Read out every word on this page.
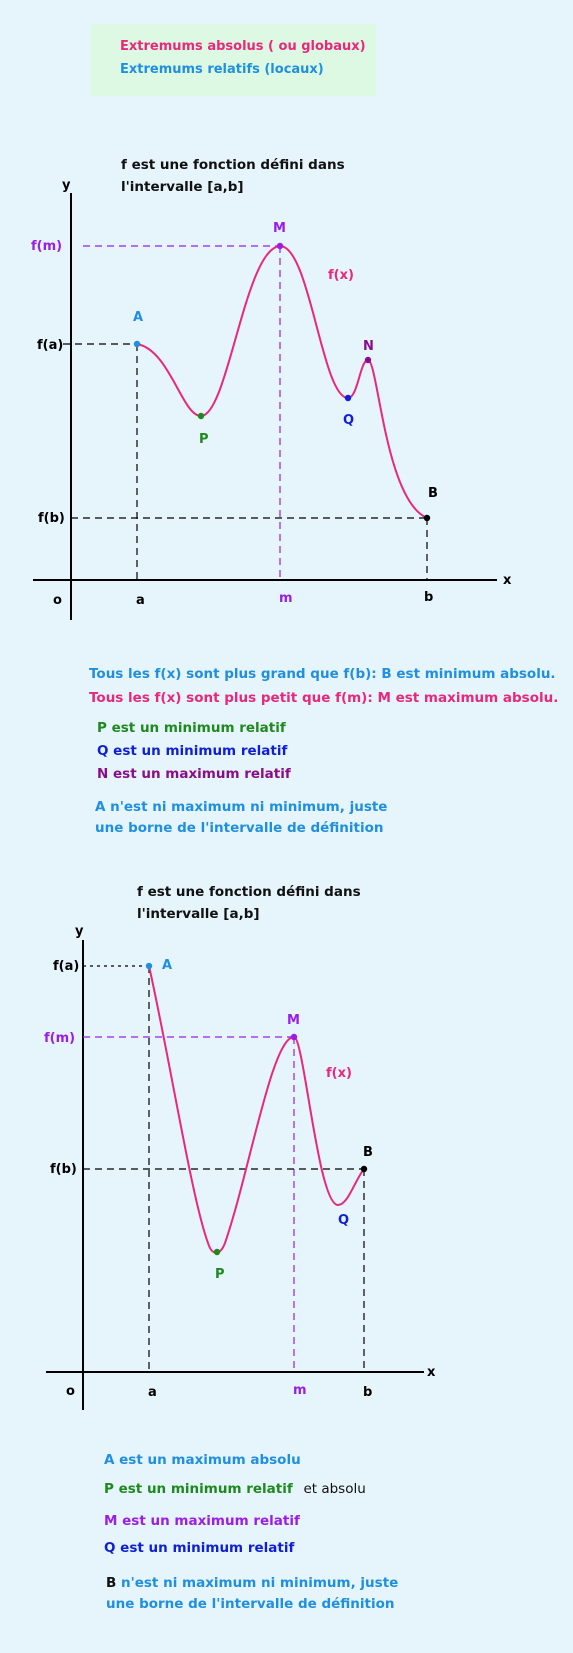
Extremums absolus ( ou globaux)
Extremums relatifs (locaux)
f est une fonction défini dans
l'intervalle [a,b]
y
x
o	a	m	b
f(m)
f(a)
f(b)
f(x)
A
M
N
P
Q
B
Tous les f(x) sont plus grand que f(b): B est minimum absolu.
Tous les f(x) sont plus petit que f(m): M est maximum absolu.
P est un minimum relatif
Q est un minimum relatif
N est un maximum relatif
A n'est ni maximum ni minimum, juste
une borne de l'intervalle de définition
f est une fonction défini dans
l'intervalle [a,b]
y
x
o	a	m	b
f(a)
f(m)
f(b)
f(x)
A
M
P
Q
B
A est un maximum absolu
P est un minimum relatif et absolu
M est un maximum relatif
Q est un minimum relatif
B n'est ni maximum ni minimum, juste
une borne de l'intervalle de définition
